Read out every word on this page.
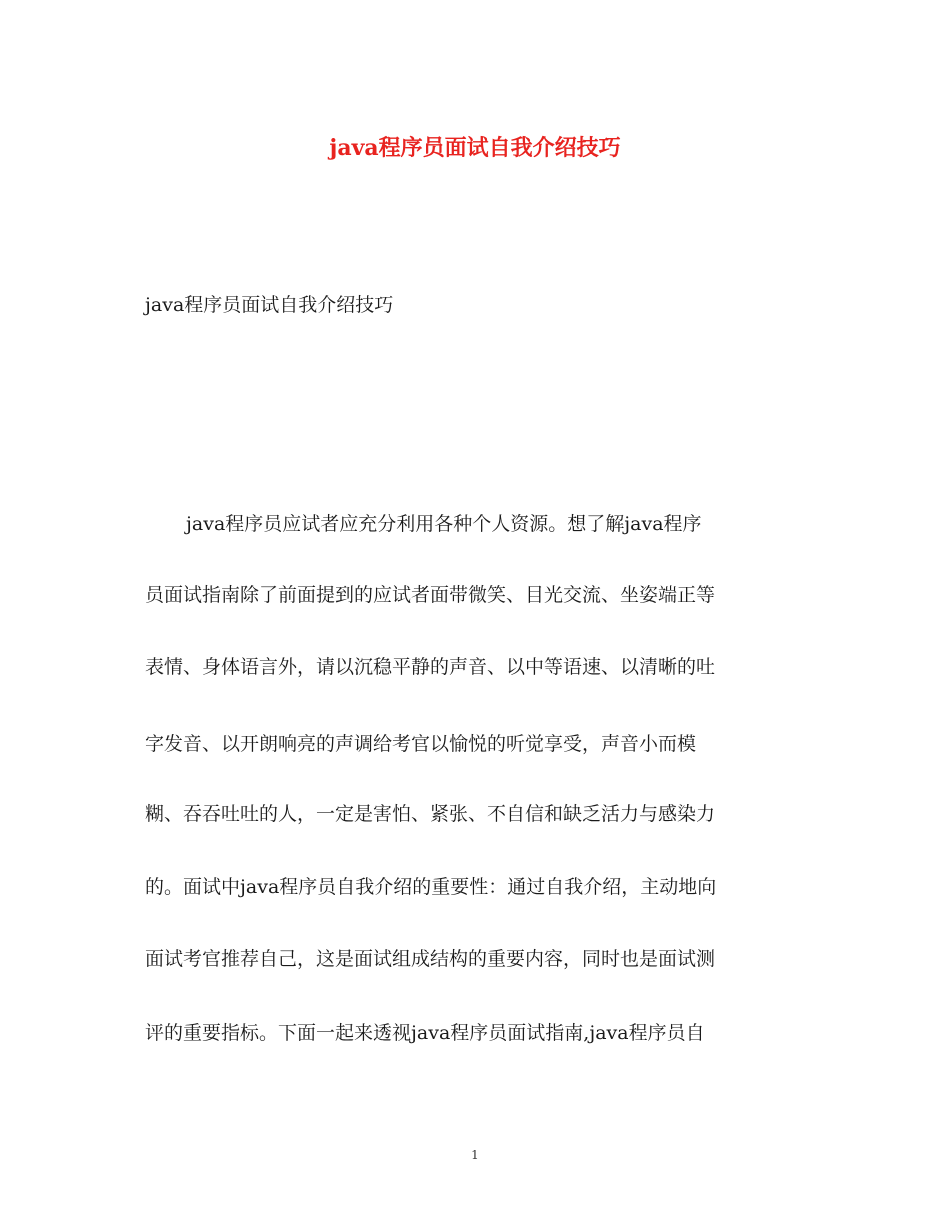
java程序员面试自我介绍技巧

java程序员面试自我介绍技巧

java程序员应试者应充分利用各种个人资源。想了解java程序

员面试指南除了前面提到的应试者面带微笑、目光交流、坐姿端正等

表情、身体语言外，请以沉稳平静的声音、以中等语速、以清晰的吐

字发音、以开朗响亮的声调给考官以愉悦的听觉享受，声音小而模

糊、吞吞吐吐的人，一定是害怕、紧张、不自信和缺乏活力与感染力

的。面试中java程序员自我介绍的重要性：通过自我介绍，主动地向

面试考官推荐自己，这是面试组成结构的重要内容，同时也是面试测

评的重要指标。下面一起来透视java程序员面试指南,java程序员自

1
